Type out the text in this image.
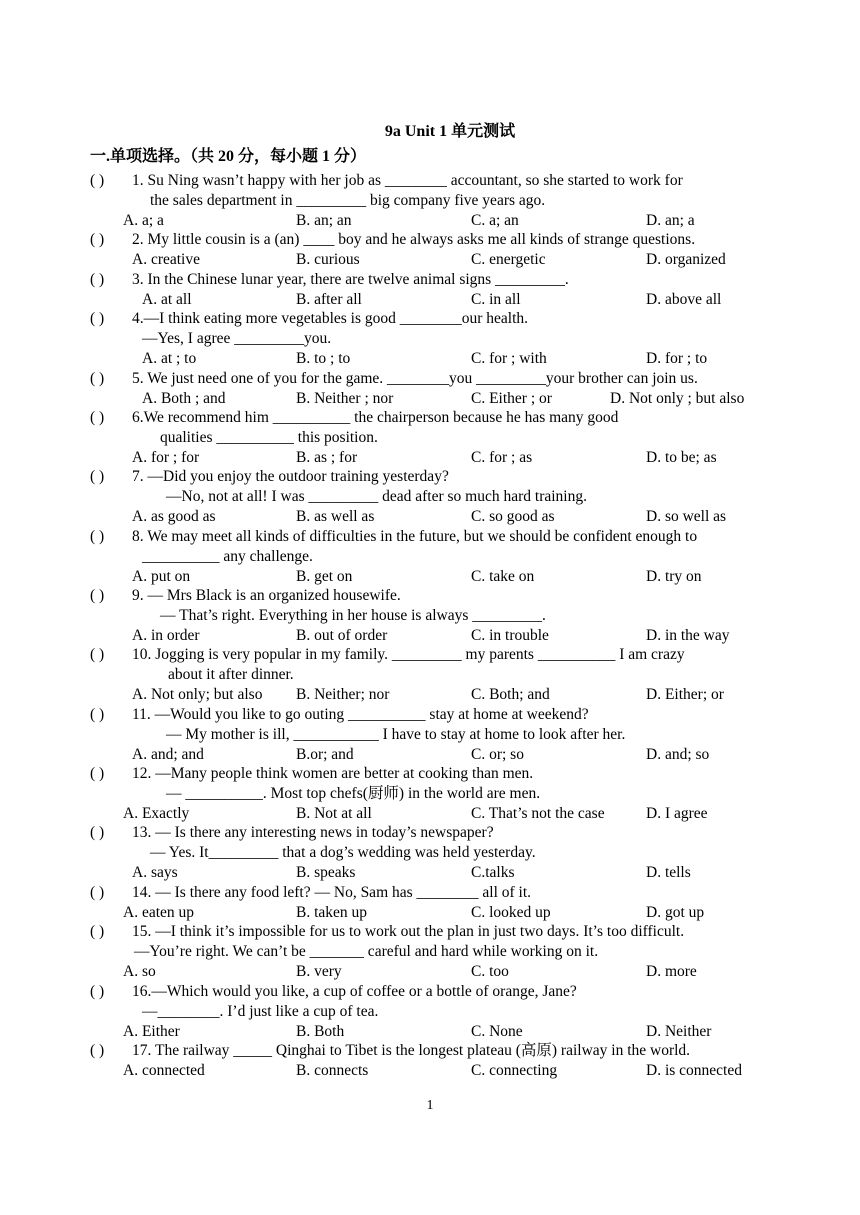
9a Unit 1 单元测试
一.单项选择。（共 20 分，每小题 1 分）
( ) 1. Su Ning wasn’t happy with her job as ________ accountant, so she started to work for
the sales department in _________ big company five years ago.
A. a; a	B. an; an	C. a; an	D. an; a
( ) 2. My little cousin is a (an) ____ boy and he always asks me all kinds of strange questions.
A. creative	B. curious	C. energetic	D. organized
( ) 3. In the Chinese lunar year, there are twelve animal signs _________.
A. at all	B. after all	C. in all	D. above all
( ) 4.—I think eating more vegetables is good ________our health.
—Yes, I agree _________you.
A. at ; to	B. to ; to	C. for ; with	D. for ; to
( ) 5. We just need one of you for the game. ________you _________your brother can join us.
A. Both ; and	B. Neither ; nor	C. Either ; or	D. Not only ; but also
( ) 6.We recommend him __________ the chairperson because he has many good
qualities __________ this position.
A. for ; for	B. as ; for	C. for ; as	D. to be; as
( ) 7. —Did you enjoy the outdoor training yesterday?
—No, not at all! I was _________ dead after so much hard training.
A. as good as	B. as well as	C. so good as	D. so well as
( ) 8. We may meet all kinds of difficulties in the future, but we should be confident enough to
__________ any challenge.
A. put on	B. get on	C. take on	D. try on
( ) 9. — Mrs Black is an organized housewife.
— That’s right. Everything in her house is always _________.
A. in order	B. out of order	C. in trouble	D. in the way
( ) 10. Jogging is very popular in my family. _________ my parents __________ I am crazy
about it after dinner.
A. Not only; but also B. Neither; nor	C. Both; and	D. Either; or
( ) 11. —Would you like to go outing __________ stay at home at weekend?
— My mother is ill, ___________ I have to stay at home to look after her.
A. and; and	B.or; and	C. or; so	D. and; so
( ) 12. —Many people think women are better at cooking than men.
— __________. Most top chefs(厨师) in the world are men.
A. Exactly	B. Not at all	C. That’s not the case	D. I agree
( ) 13. — Is there any interesting news in today’s newspaper?
— Yes. It_________ that a dog’s wedding was held yesterday.
A. says	B. speaks	C.talks	D. tells
( ) 14. — Is there any food left? — No, Sam has ________ all of it.
A. eaten up	B. taken up	C. looked up	D. got up
( ) 15. —I think it’s impossible for us to work out the plan in just two days. It’s too difficult.
—You’re right. We can’t be _______ careful and hard while working on it.
A. so	B. very	C. too	D. more
( ) 16.—Which would you like, a cup of coffee or a bottle of orange, Jane?
—________. I’d just like a cup of tea.
A. Either	B. Both	C. None	D. Neither
( ) 17. The railway _____ Qinghai to Tibet is the longest plateau (高原) railway in the world.
A. connected	B. connects	C. connecting	D. is connected
1
